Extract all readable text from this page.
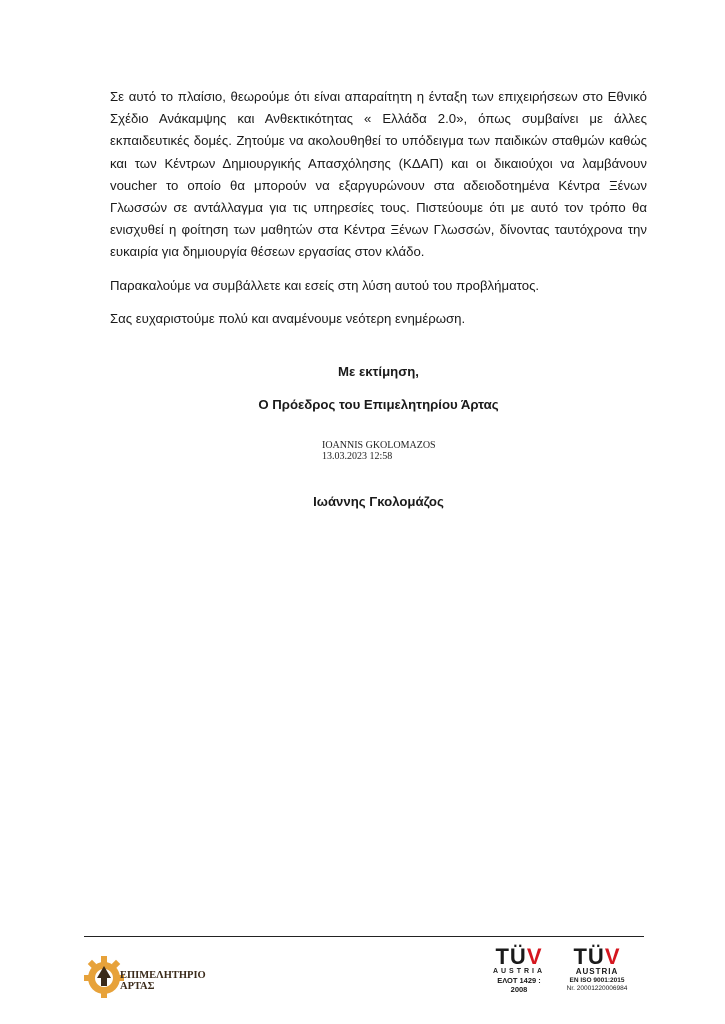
Σε αυτό το πλαίσιο, θεωρούμε ότι είναι απαραίτητη η ένταξη των επιχειρήσεων στο Εθνικό Σχέδιο Ανάκαμψης και Ανθεκτικότητας « Ελλάδα 2.0», όπως συμβαίνει με άλλες εκπαιδευτικές δομές. Ζητούμε να ακολουθηθεί το υπόδειγμα των παιδικών σταθμών καθώς και των Κέντρων Δημιουργικής Απασχόλησης (ΚΔΑΠ) και οι δικαιούχοι να λαμβάνουν voucher το οποίο θα μπορούν να εξαργυρώνουν στα αδειοδοτημένα Κέντρα Ξένων Γλωσσών σε αντάλλαγμα για τις υπηρεσίες τους. Πιστεύουμε ότι με αυτό τον τρόπο θα ενισχυθεί η φοίτηση των μαθητών στα Κέντρα Ξένων Γλωσσών, δίνοντας ταυτόχρονα την ευκαιρία για δημιουργία θέσεων εργασίας στον κλάδο.

Παρακαλούμε να συμβάλλετε και εσείς στη λύση αυτού του προβλήματος.

Σας ευχαριστούμε πολύ και αναμένουμε νεότερη ενημέρωση.

Με εκτίμηση,
Ο Πρόεδρος του Επιμελητηρίου Άρτας
IOANNIS GKOLOMAZOS
13.03.2023 12:58
Ιωάννης Γκολομάζος
ΕΠΙΜΕΛΗΤΗΡΙΟ
ΑΡΤΑΣ
TÜV
AUSTRIA
ΕΛΟΤ 1429 :
2008
TÜV
AUSTRIA
EN ISO 9001:2015
Nr. 20001220006984
